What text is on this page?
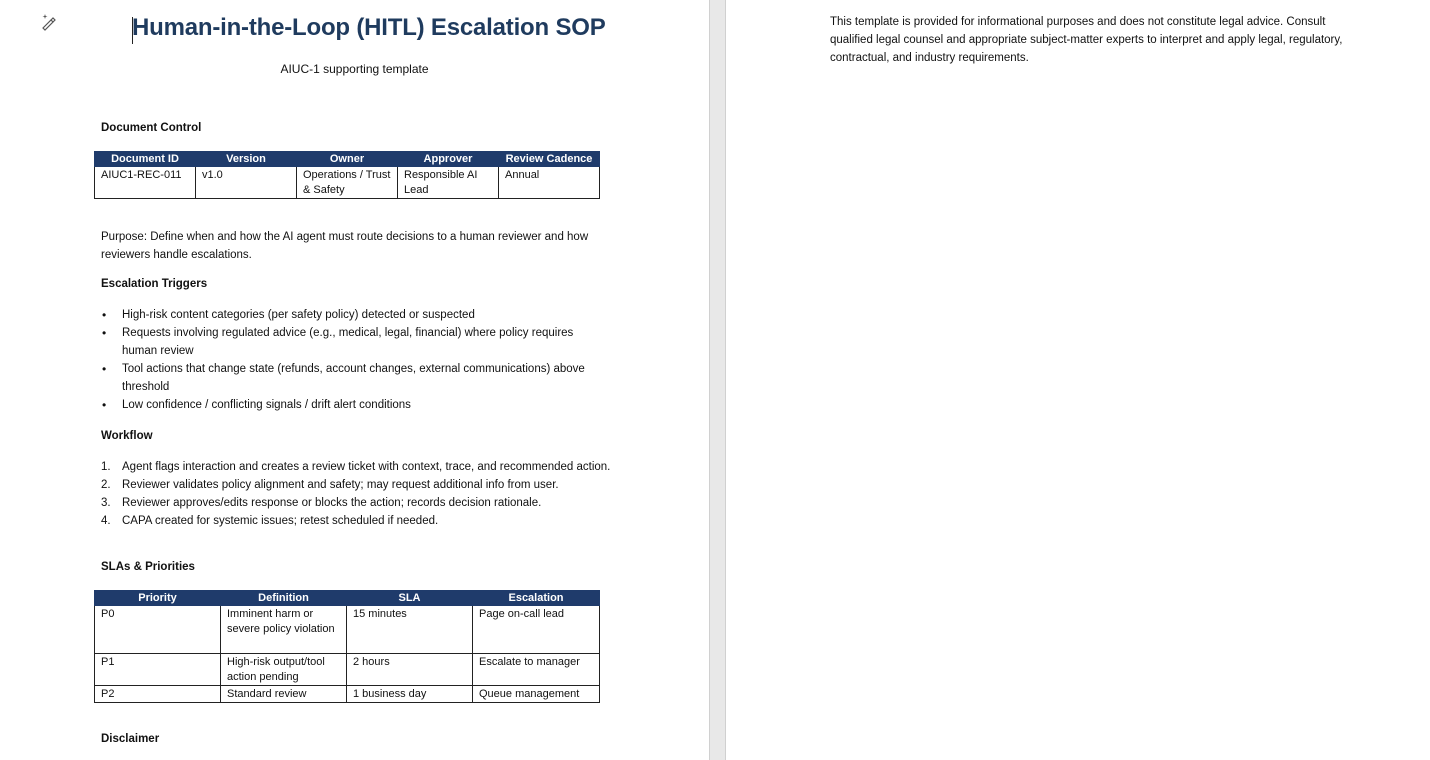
Human-in-the-Loop (HITL) Escalation SOP
AIUC-1 supporting template
Document Control
Document ID	Version	Owner	Approver	Review Cadence
AIUC1-REC-011	v1.0	Operations / Trust & Safety	Responsible AI Lead	Annual
Purpose: Define when and how the AI agent must route decisions to a human reviewer and how reviewers handle escalations.
Escalation Triggers
• High-risk content categories (per safety policy) detected or suspected
• Requests involving regulated advice (e.g., medical, legal, financial) where policy requires human review
• Tool actions that change state (refunds, account changes, external communications) above threshold
• Low confidence / conflicting signals / drift alert conditions
Workflow
1. Agent flags interaction and creates a review ticket with context, trace, and recommended action.
2. Reviewer validates policy alignment and safety; may request additional info from user.
3. Reviewer approves/edits response or blocks the action; records decision rationale.
4. CAPA created for systemic issues; retest scheduled if needed.
SLAs & Priorities
Priority	Definition	SLA	Escalation
P0	Imminent harm or severe policy violation	15 minutes	Page on-call lead
P1	High-risk output/tool action pending	2 hours	Escalate to manager
P2	Standard review	1 business day	Queue management
Disclaimer
This template is provided for informational purposes and does not constitute legal advice. Consult qualified legal counsel and appropriate subject-matter experts to interpret and apply legal, regulatory, contractual, and industry requirements.
